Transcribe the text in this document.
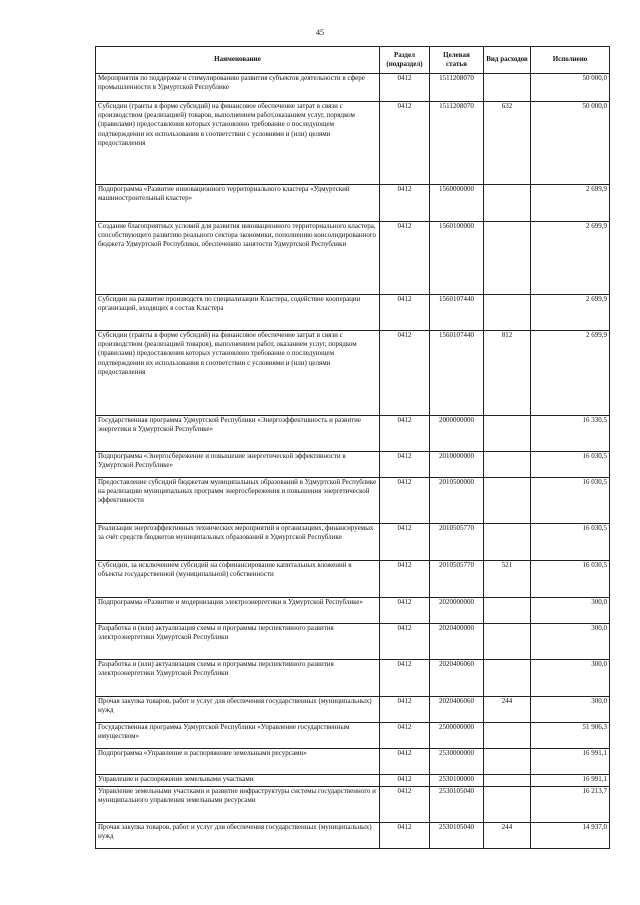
45
Наименование	Раздел (подраздел)	Целевая статья	Вид расходов	Исполнено
Мероприятия по поддержке и стимулированию развития субъектов деятельности в сфере промышленности в Удмуртской Республике	0412	1511208070		50 000,0
Субсидии (гранты в форме субсидий) на финансовое обеспечение затрат в связи с производством (реализацией) товаров, выполнением работ,оказанием услуг, порядком (правилами) предоставления которых установлено требование о последующем подтверждении их использования в соответствии с условиями и (или) целями предоставления	0412	1511208070	632	50 000,0
Подпрограмма «Развитие инновационного территориального кластера «Удмуртский машиностроительный кластер»	0412	1560000000		2 699,9
Создание благоприятных условий для развития инновационного территориального кластера, способствующего развитию реального сектора экономики, пополнению консолидированного бюджета Удмуртской Республики, обеспечению занятости Удмуртской Республики	0412	1560100000		2 699,9
Субсидии на развитие производств по специализации Кластера, содействие кооперации организаций, входящих в состав Кластера	0412	1560107440		2 699,9
Субсидии (гранты в форме субсидий) на финансовое обеспечение затрат в связи с производством (реализацией товаров), выполнением работ, оказанием услуг, порядком (правилами) предоставления которых установлено требование о последующем подтверждении их использования в соответствии с условиями и (или) целями предоставления	0412	1560107440	812	2 699,9
Государственная программа Удмуртской Республики «Энергоэффективность и развитие энергетики в Удмуртской Республике»	0412	2000000000		16 330,5
Подпрограмма «Энергосбережение и повышение энергетической эффективности в Удмуртской Республике»	0412	2010000000		16 030,5
Предоставление субсидий бюджетам муниципальных образований в Удмуртской Республике на реализацию муниципальных программ энергосбережения и повышения энергетической эффективности	0412	2010500000		16 030,5
Реализация энергоэффективных технических мероприятий в организациях, финансируемых за счёт средств бюджетов муниципальных образований в Удмуртской Республике	0412	2010505770		16 030,5
Субсидии, за исключением субсидий на софинансирование капитальных вложений в объекты государственной (муниципальной) собственности	0412	2010505770	521	16 030,5
Подпрограмма «Развитие и модернизация электроэнергетики в Удмуртской Республике»	0412	2020000000		300,0
Разработка и (или) актуализация схемы и программы перспективного развития электроэнергетики Удмуртской Республики	0412	2020400000		300,0
Разработка и (или) актуализация схемы и программы перспективного развития электроэнергетики Удмуртской Республики	0412	2020406060		300,0
Прочая закупка товаров, работ и услуг для обеспечения государственных (муниципальных) нужд	0412	2020406060	244	300,0
Государственная программа Удмуртской Республики «Управление государственным имуществом»	0412	2500000000		51 906,3
Подпрограмма «Управление и распоряжение земельными ресурсами»	0412	2530000000		16 991,1
Управление и распоряжение земельными участками	0412	2530100000		16 991,1
Управление земельными участками и развитие инфраструктуры системы государственного и муниципального управления земельными ресурсами	0412	2530105040		16 213,7
Прочая закупка товаров, работ и услуг для обеспечения государственных (муниципальных) нужд	0412	2530105040	244	14 937,0
